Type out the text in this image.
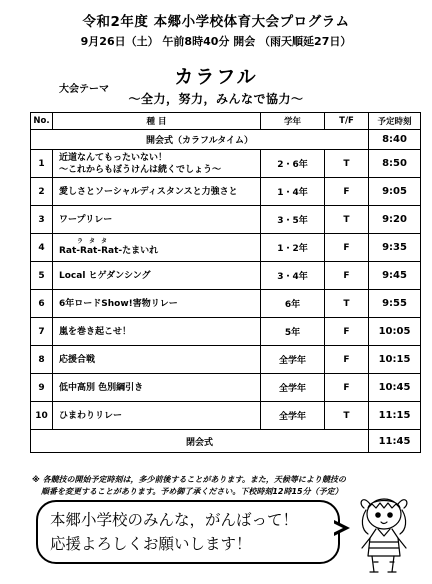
令和2年度 本郷小学校体育大会プログラム
9月26日（土） 午前8時40分 開会 （雨天順延27日）
大会テーマ
カラフル
〜全力，努力，みんなで協力〜
No.	種 目	学年	T/F	予定時刻
開会式（カラフルタイム）				8:40
1	近道なんてもったいない！
〜これからもぼうけんは続くでしょう〜	2・6年	T	8:50
2	愛しさとソーシャルディスタンスと力強さと	1・4年	F	9:05
3	ワープリレー	3・5年	T	9:20
4	ラタタ
Rat-Rat-Rat-たまいれ	1・2年	F	9:35
5	Local ヒゲダンシング	3・4年	F	9:45
6	6年ロードShow!害物リレー	6年	T	9:55
7	嵐を巻き起こせ！	5年	F	10:05
8	応援合戦	全学年	F	10:15
9	低中高別 色別綱引き	全学年	F	10:45
10	ひまわりリレー	全学年	T	11:15
閉会式				11:45
※ 各競技の開始予定時刻は，多少前後することがあります。また，天候等により競技の
順番を変更することがあります。予め御了承ください。下校時刻12時15分（予定）
本郷小学校のみんな，がんばって！
応援よろしくお願いします！
